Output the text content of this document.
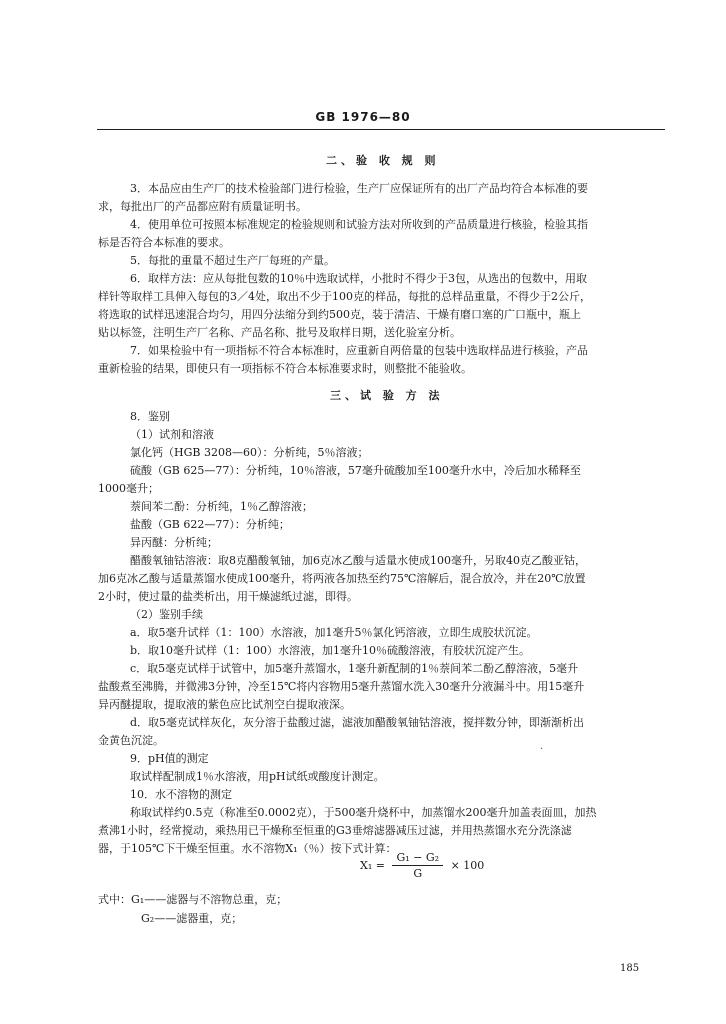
GB 1976—80
二、验 收 规 则
3．本品应由生产厂的技术检验部门进行检验，生产厂应保证所有的出厂产品均符合本标准的要
求，每批出厂的产品都应附有质量证明书。
4．使用单位可按照本标准规定的检验规则和试验方法对所收到的产品质量进行核验，检验其指
标是否符合本标准的要求。
5．每批的重量不超过生产厂每班的产量。
6．取样方法：应从每批包数的10％中选取试样，小批时不得少于3包，从选出的包数中，用取
样针等取样工具伸入每包的3／4处，取出不少于100克的样品，每批的总样品重量，不得少于2公斤，
将选取的试样迅速混合均匀，用四分法缩分到约500克，装于清洁、干燥有磨口塞的广口瓶中，瓶上
贴以标签，注明生产厂名称、产品名称、批号及取样日期，送化验室分析。
7．如果检验中有一项指标不符合本标准时，应重新自两倍量的包装中选取样品进行核验，产品
重新检验的结果，即使只有一项指标不符合本标准要求时，则整批不能验收。
三、试 验 方 法
8．鉴别
（1）试剂和溶液
氯化钙（HGB 3208—60）：分析纯，5％溶液；
硫酸（GB 625—77）：分析纯，10％溶液，57毫升硫酸加至100毫升水中，冷后加水稀释至
1000毫升；
萘间苯二酚：分析纯，1％乙醇溶液；
盐酸（GB 622—77）：分析纯；
异丙醚：分析纯；
醋酸氧铀钴溶液：取8克醋酸氧铀，加6克冰乙酸与适量水使成100毫升，另取40克乙酸亚钴，
加6克冰乙酸与适量蒸馏水使成100毫升，将两液各加热至约75℃溶解后，混合放冷，并在20℃放置
2小时，使过量的盐类析出，用干燥滤纸过滤，即得。
（2）鉴别手续
a．取5毫升试样（1：100）水溶液，加1毫升5％氯化钙溶液，立即生成胶状沉淀。
b．取10毫升试样（1：100）水溶液，加1毫升10％硫酸溶液，有胶状沉淀产生。
c．取5毫克试样于试管中，加5毫升蒸馏水，1毫升新配制的1％萘间苯二酚乙醇溶液，5毫升
盐酸煮至沸腾，并微沸3分钟，冷至15℃将内容物用5毫升蒸馏水洗入30毫升分液漏斗中。用15毫升
异丙醚提取，提取液的紫色应比试剂空白提取液深。
d．取5毫克试样灰化，灰分溶于盐酸过滤，滤液加醋酸氧铀钴溶液，搅拌数分钟，即渐渐析出
金黄色沉淀。
·
9．pH值的测定
取试样配制成1％水溶液，用pH试纸或酸度计测定。
10．水不溶物的测定
称取试样约0.5克（称准至0.0002克），于500毫升烧杯中，加蒸馏水200毫升加盖表面皿，加热
煮沸1小时，经常搅动，乘热用已干燥称至恒重的G3垂熔滤器减压过滤，并用热蒸馏水充分洗涤滤
器，于105℃下干燥至恒重。水不溶物X₁（％）按下式计算：
$X_1 = \frac{\text{G₁ − G₂}}{G} \times 100$
式中：G₁——滤器与不溶物总重，克；
G₂——滤器重，克；
185
